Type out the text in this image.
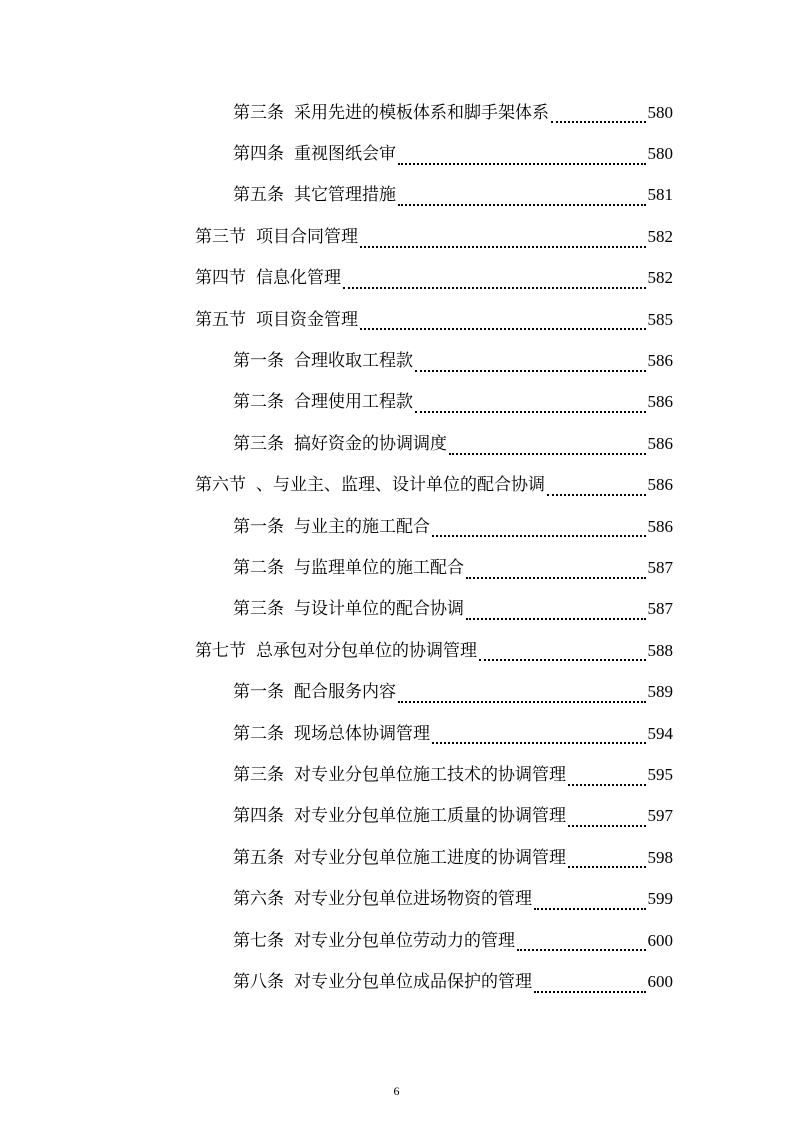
第三条 采用先进的模板体系和脚手架体系	580
第四条 重视图纸会审	580
第五条 其它管理措施	581
第三节 项目合同管理	582
第四节 信息化管理	582
第五节 项目资金管理	585
第一条 合理收取工程款	586
第二条 合理使用工程款	586
第三条 搞好资金的协调调度	586
第六节 、与业主、监理、设计单位的配合协调	586
第一条 与业主的施工配合	586
第二条 与监理单位的施工配合	587
第三条 与设计单位的配合协调	587
第七节 总承包对分包单位的协调管理	588
第一条 配合服务内容	589
第二条 现场总体协调管理	594
第三条 对专业分包单位施工技术的协调管理	595
第四条 对专业分包单位施工质量的协调管理	597
第五条 对专业分包单位施工进度的协调管理	598
第六条 对专业分包单位进场物资的管理	599
第七条 对专业分包单位劳动力的管理	600
第八条 对专业分包单位成品保护的管理	600
6
